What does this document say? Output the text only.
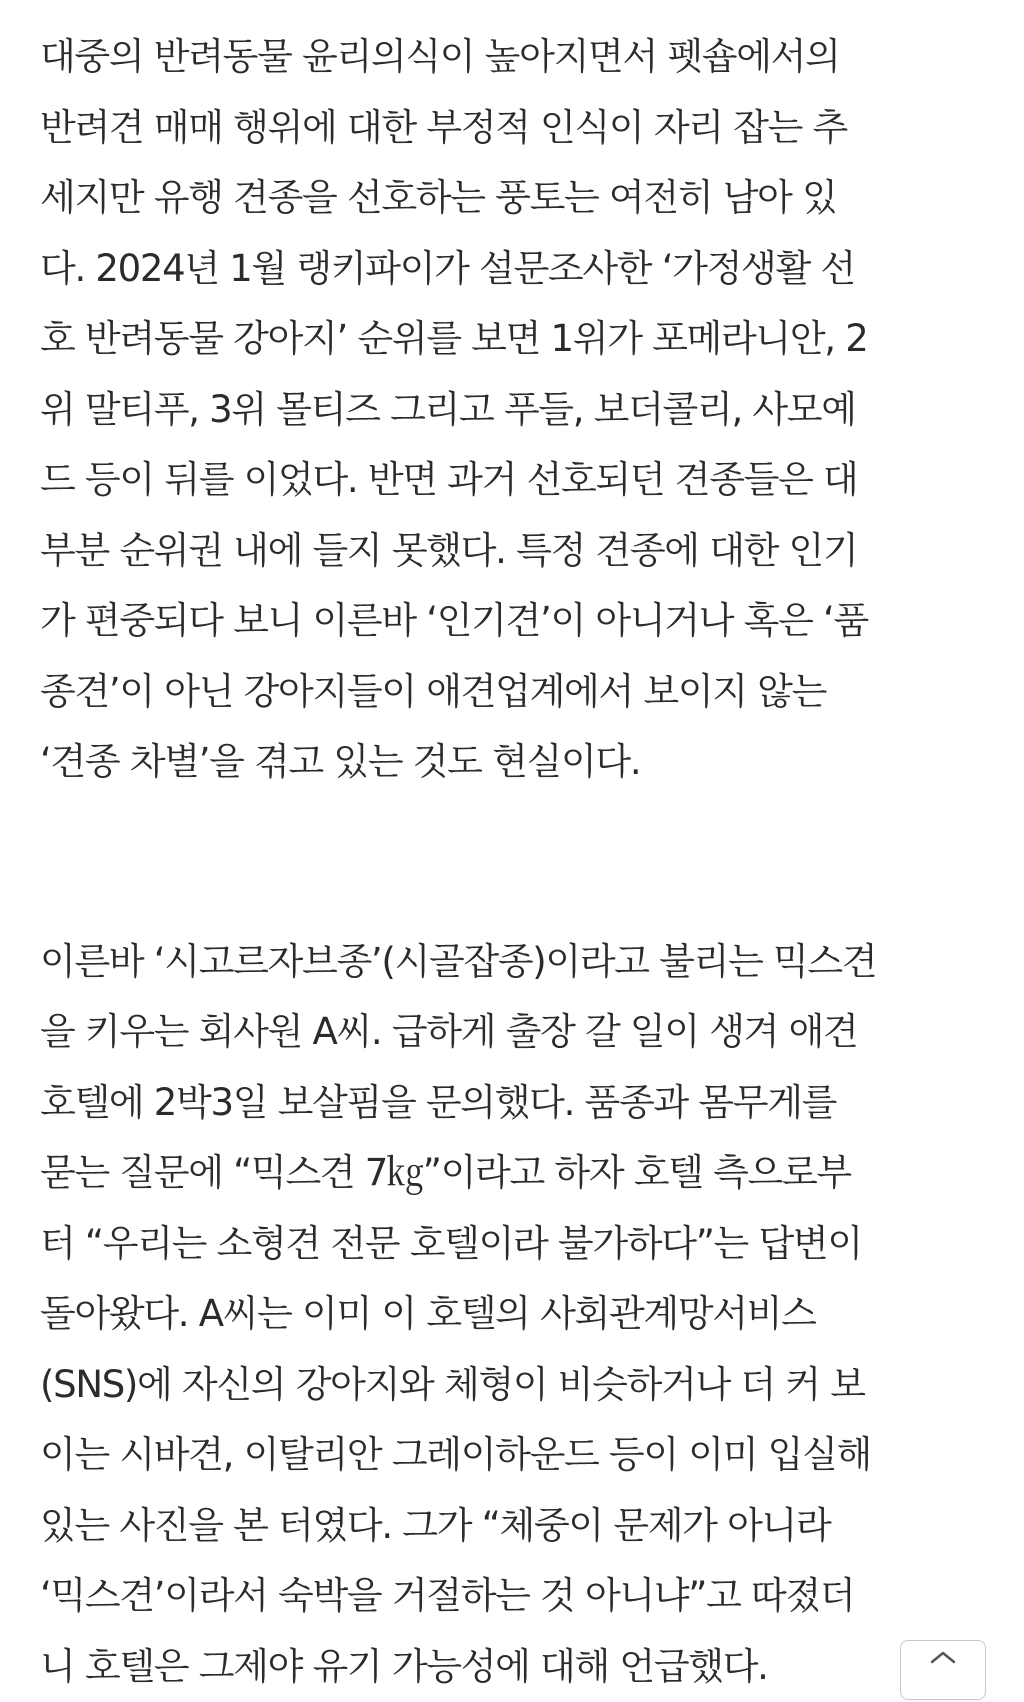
대중의 반려동물 윤리의식이 높아지면서 펫숍에서의
반려견 매매 행위에 대한 부정적 인식이 자리 잡는 추
세지만 유행 견종을 선호하는 풍토는 여전히 남아 있
다. 2024년 1월 랭키파이가 설문조사한 ‘가정생활 선
호 반려동물 강아지’ 순위를 보면 1위가 포메라니안, 2
위 말티푸, 3위 몰티즈 그리고 푸들, 보더콜리, 사모예
드 등이 뒤를 이었다. 반면 과거 선호되던 견종들은 대
부분 순위권 내에 들지 못했다. 특정 견종에 대한 인기
가 편중되다 보니 이른바 ‘인기견’이 아니거나 혹은 ‘품
종견’이 아닌 강아지들이 애견업계에서 보이지 않는
‘견종 차별’을 겪고 있는 것도 현실이다.

이른바 ‘시고르자브종’(시골잡종)이라고 불리는 믹스견
을 키우는 회사원 A씨. 급하게 출장 갈 일이 생겨 애견
호텔에 2박3일 보살핌을 문의했다. 품종과 몸무게를
묻는 질문에 “믹스견 7㎏”이라고 하자 호텔 측으로부
터 “우리는 소형견 전문 호텔이라 불가하다”는 답변이
돌아왔다. A씨는 이미 이 호텔의 사회관계망서비스
(SNS)에 자신의 강아지와 체형이 비슷하거나 더 커 보
이는 시바견, 이탈리안 그레이하운드 등이 이미 입실해
있는 사진을 본 터였다. 그가 “체중이 문제가 아니라
‘믹스견’이라서 숙박을 거절하는 것 아니냐”고 따졌더
니 호텔은 그제야 유기 가능성에 대해 언급했다.
